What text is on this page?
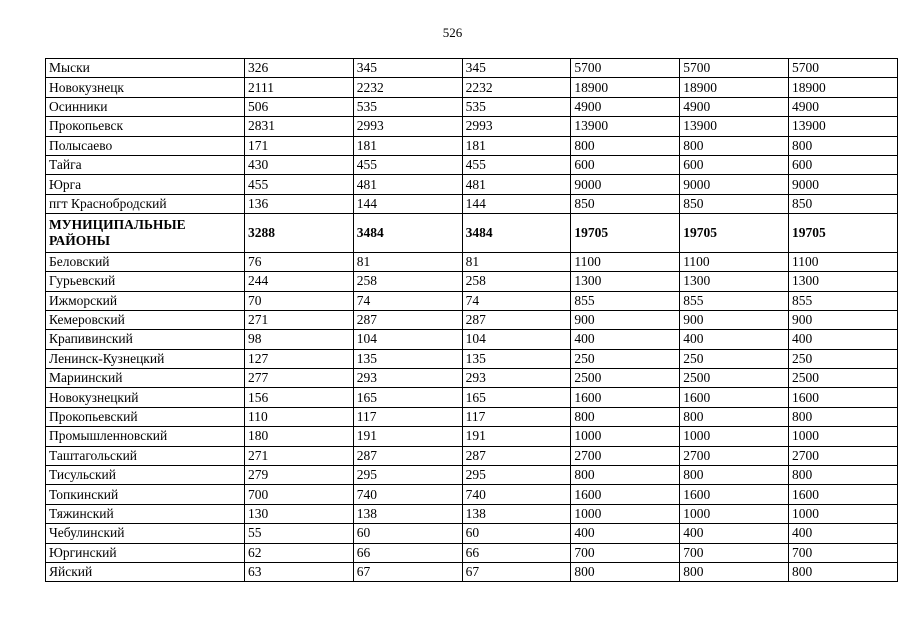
526
Мыски	326	345	345	5700	5700	5700
Новокузнецк	2111	2232	2232	18900	18900	18900
Осинники	506	535	535	4900	4900	4900
Прокопьевск	2831	2993	2993	13900	13900	13900
Полысаево	171	181	181	800	800	800
Тайга	430	455	455	600	600	600
Юрга	455	481	481	9000	9000	9000
пгт Краснобродский	136	144	144	850	850	850
МУНИЦИПАЛЬНЫЕ РАЙОНЫ	3288	3484	3484	19705	19705	19705
Беловский	76	81	81	1100	1100	1100
Гурьевский	244	258	258	1300	1300	1300
Ижморский	70	74	74	855	855	855
Кемеровский	271	287	287	900	900	900
Крапивинский	98	104	104	400	400	400
Ленинск-Кузнецкий	127	135	135	250	250	250
Мариинский	277	293	293	2500	2500	2500
Новокузнецкий	156	165	165	1600	1600	1600
Прокопьевский	110	117	117	800	800	800
Промышленновский	180	191	191	1000	1000	1000
Таштагольский	271	287	287	2700	2700	2700
Тисульский	279	295	295	800	800	800
Топкинский	700	740	740	1600	1600	1600
Тяжинский	130	138	138	1000	1000	1000
Чебулинский	55	60	60	400	400	400
Юргинский	62	66	66	700	700	700
Яйский	63	67	67	800	800	800
